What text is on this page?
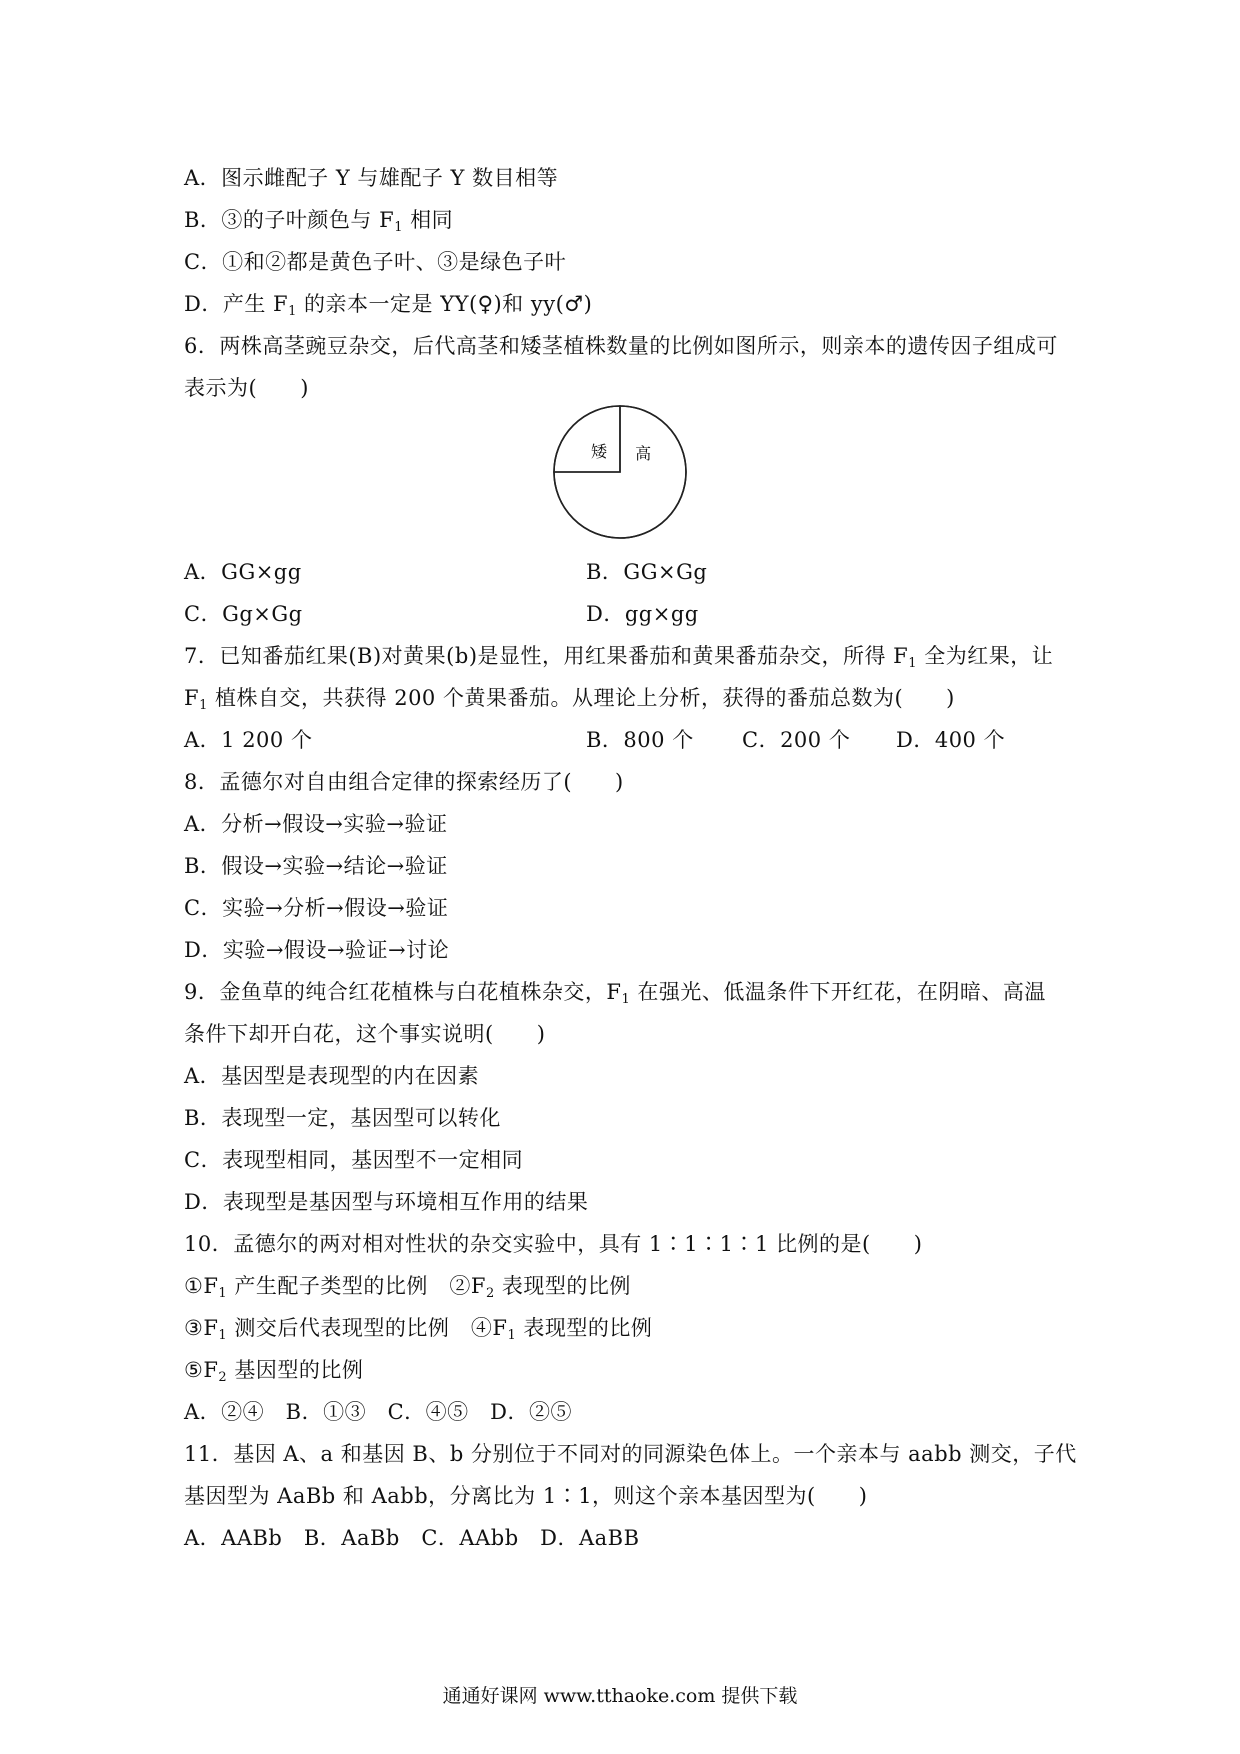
A．图示雌配子 Y 与雄配子 Y 数目相等
B．③的子叶颜色与 $F_1$ 相同
C．①和②都是黄色子叶、③是绿色子叶
D．产生 $F_1$ 的亲本一定是 YY(♀)和 yy(♂)
6．两株高茎豌豆杂交，后代高茎和矮茎植株数量的比例如图所示，则亲本的遗传因子组成可
表示为(　　)
高
矮
A．GG×gg	B．GG×Gg
C．Gg×Gg	D．gg×gg
7．已知番茄红果(B)对黄果(b)是显性，用红果番茄和黄果番茄杂交，所得 $F_1$ 全为红果，让
$F_1$ 植株自交，共获得 200 个黄果番茄。从理论上分析，获得的番茄总数为(　　)
A．1 200 个	B．800 个 C．200 个 D．400 个
8．孟德尔对自由组合定律的探索经历了(　　)
A．分析→假设→实验→验证
B．假设→实验→结论→验证
C．实验→分析→假设→验证
D．实验→假设→验证→讨论
9．金鱼草的纯合红花植株与白花植株杂交，$F_1$ 在强光、低温条件下开红花，在阴暗、高温
条件下却开白花，这个事实说明(　　)
A．基因型是表现型的内在因素
B．表现型一定，基因型可以转化
C．表现型相同，基因型不一定相同
D．表现型是基因型与环境相互作用的结果
10．孟德尔的两对相对性状的杂交实验中，具有 1∶1∶1∶1 比例的是(　　)
$①F_1$ 产生配子类型的比例　 $②F_2$ 表现型的比例
$③F_1$ 测交后代表现型的比例　 $④F_1$ 表现型的比例
$⑤F_2$ 基因型的比例
A．②④　B．①③　C．④⑤　D．②⑤
11．基因 A、a 和基因 B、b 分别位于不同对的同源染色体上。一个亲本与 aabb 测交，子代
基因型为 AaBb 和 Aabb，分离比为 1∶1，则这个亲本基因型为(　　)
A．AABb　B．AaBb　C．AAbb　D．AaBB
通通好课网 www.tthaoke.com 提供下载
